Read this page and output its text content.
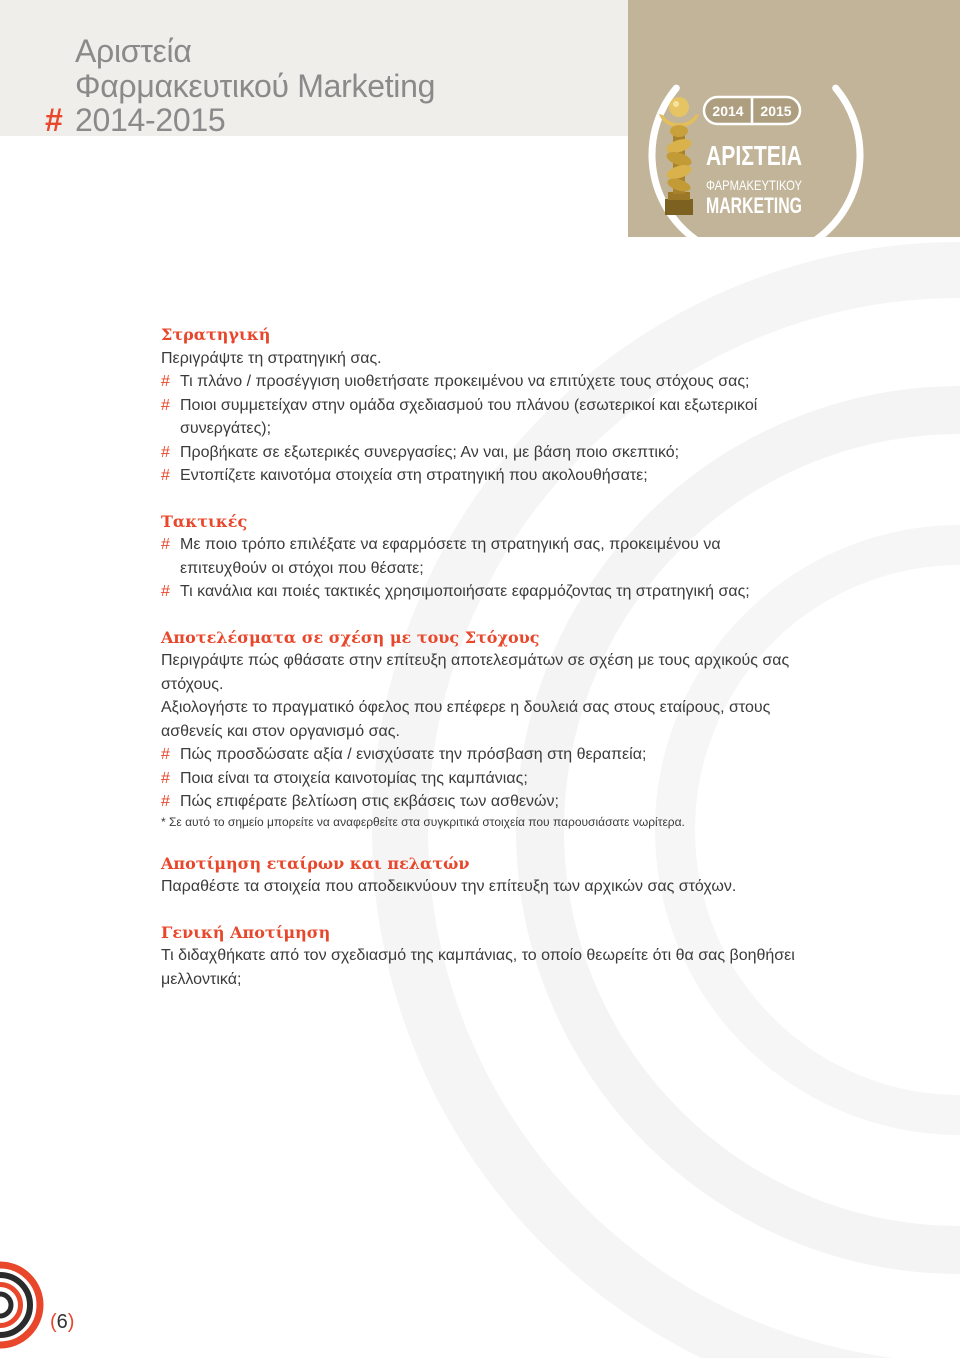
Αριστεία
Φαρμακευτικού Marketing
# 2014-2015	2014 2015
ΑΡΙΣΤΕΙΑ
ΦΑΡΜΑΚΕΥΤΙΚΟΥ
MARKETING
Στρατηγική
Περιγράψτε τη στρατηγική σας.
# Τι πλάνο / προσέγγιση υιοθετήσατε προκειμένου να επιτύχετε τους στόχους σας;
# Ποιοι συμμετείχαν στην ομάδα σχεδιασμού του πλάνου (εσωτερικοί και εξωτερικοί
συνεργάτες);
# Προβήκατε σε εξωτερικές συνεργασίες; Αν ναι, με βάση ποιο σκεπτικό;
# Εντοπίζετε καινοτόμα στοιχεία στη στρατηγική που ακολουθήσατε;
Τακτικές
# Με ποιο τρόπο επιλέξατε να εφαρμόσετε τη στρατηγική σας, προκειμένου να
επιτευχθούν οι στόχοι που θέσατε;
# Τι κανάλια και ποιές τακτικές χρησιμοποιήσατε εφαρμόζοντας τη στρατηγική σας;
Αποτελέσματα σε σχέση με τους Στόχους
Περιγράψτε πώς φθάσατε στην επίτευξη αποτελεσμάτων σε σχέση με τους αρχικούς σας
στόχους.
Αξιολογήστε το πραγματικό όφελος που επέφερε η δουλειά σας στους εταίρους, στους
ασθενείς και στον οργανισμό σας.
# Πώς προσδώσατε αξία / ενισχύσατε την πρόσβαση στη θεραπεία;
# Ποια είναι τα στοιχεία καινοτομίας της καμπάνιας;
# Πώς επιφέρατε βελτίωση στις εκβάσεις των ασθενών;
* Σε αυτό το σημείο μπορείτε να αναφερθείτε στα συγκριτικά στοιχεία που παρουσιάσατε νωρίτερα.
Αποτίμηση εταίρων και πελατών
Παραθέστε τα στοιχεία που αποδεικνύουν την επίτευξη των αρχικών σας στόχων.
Γενική Αποτίμηση
Τι διδαχθήκατε από τον σχεδιασμό της καμπάνιας, το οποίο θεωρείτε ότι θα σας βοηθήσει
μελλοντικά;
(6)
